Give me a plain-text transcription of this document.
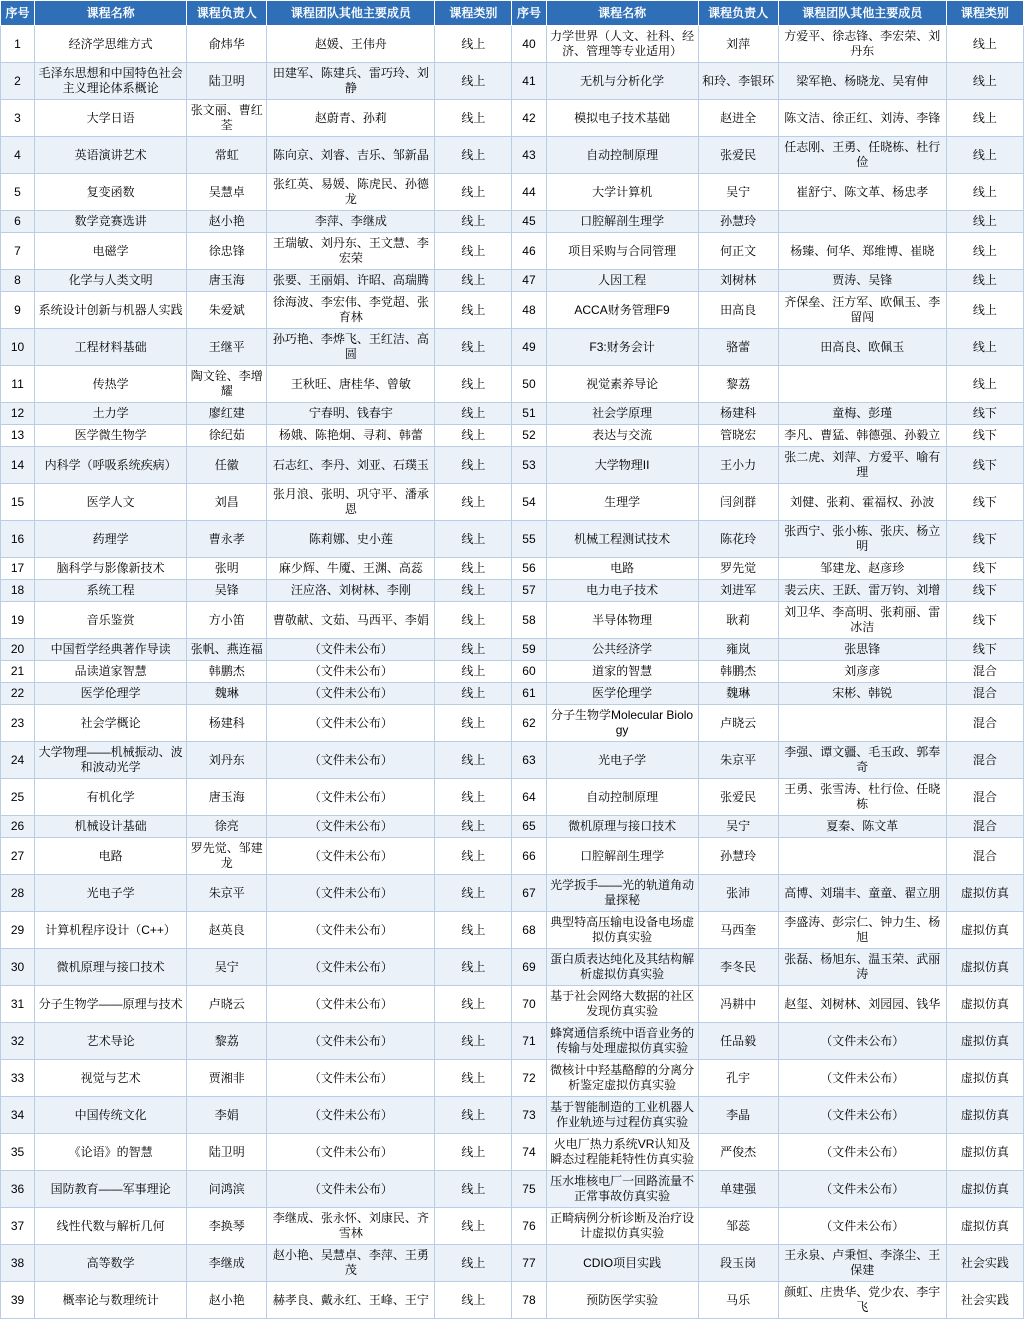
序号	课程名称	课程负责人	课程团队其他主要成员	课程类别	序号	课程名称	课程负责人	课程团队其他主要成员	课程类别
1	经济学思维方式	俞炜华	赵媛、王伟舟	线上	40	力学世界（人文、社科、经济、管理等专业适用）	刘萍	方爱平、徐志锋、李宏荣、刘丹东	线上
2	毛泽东思想和中国特色社会主义理论体系概论	陆卫明	田建军、陈建兵、雷巧玲、刘静	线上	41	无机与分析化学	和玲、李银环	梁军艳、杨晓龙、吴宥伸	线上
3	大学日语	张文丽、曹红荃	赵蔚青、孙莉	线上	42	模拟电子技术基础	赵进全	陈文洁、徐正红、刘涛、李锋	线上
4	英语演讲艺术	常虹	陈向京、刘睿、吉乐、邹新晶	线上	43	自动控制原理	张爱民	任志刚、王勇、任晓栋、杜行俭	线上
5	复变函数	吴慧卓	张红英、易媛、陈虎民、孙德龙	线上	44	大学计算机	吴宁	崔舒宁、陈文革、杨忠孝	线上
6	数学竞赛选讲	赵小艳	李萍、李继成	线上	45	口腔解剖生理学	孙慧玲		线上
7	电磁学	徐忠锋	王瑞敏、刘丹东、王文慧、李宏荣	线上	46	项目采购与合同管理	何正文	杨臻、何华、郑维博、崔晓	线上
8	化学与人类文明	唐玉海	张要、王丽娟、许昭、高瑞腾	线上	47	人因工程	刘树林	贾涛、吴锋	线上
9	系统设计创新与机器人实践	朱爱斌	徐海波、李宏伟、李党超、张育林	线上	48	ACCA财务管理F9	田高良	齐保垒、汪方军、欧佩玉、李留闯	线上
10	工程材料基础	王继平	孙巧艳、李烨飞、王红洁、高圆	线上	49	F3:财务会计	骆蕾	田高良、欧佩玉	线上
11	传热学	陶文铨、李增耀	王秋旺、唐桂华、曾敏	线上	50	视觉素养导论	黎荔		线上
12	土力学	廖红建	宁春明、钱春宇	线上	51	社会学原理	杨建科	童梅、彭瑾	线下
13	医学微生物学	徐纪茹	杨娥、陈艳炯、寻莉、韩蕾	线上	52	表达与交流	管晓宏	李凡、曹猛、韩德强、孙毅立	线下
14	内科学（呼吸系统疾病）	任徽	石志红、李丹、刘亚、石璞玉	线上	53	大学物理II	王小力	张二虎、刘萍、方爱平、喻有理	线下
15	医学人文	刘昌	张月浪、张明、巩守平、潘承恩	线上	54	生理学	闫剑群	刘健、张莉、霍福权、孙波	线下
16	药理学	曹永孝	陈莉娜、史小莲	线上	55	机械工程测试技术	陈花玲	张西宁、张小栋、张庆、杨立明	线下
17	脑科学与影像新技术	张明	麻少辉、牛魇、王渊、高蕊	线上	56	电路	罗先觉	邹建龙、赵彦珍	线下
18	系统工程	吴锋	汪应洛、刘树林、李刚	线上	57	电力电子技术	刘进军	裴云庆、王跃、雷万钧、刘增	线下
19	音乐鉴赏	方小笛	曹敬献、文茹、马西平、李娟	线上	58	半导体物理	耿莉	刘卫华、李高明、张莉丽、雷冰洁	线下
20	中国哲学经典著作导读	张帆、燕连福	（文件未公布）	线上	59	公共经济学	雍岚	张思锋	线下
21	品读道家智慧	韩鹏杰	（文件未公布）	线上	60	道家的智慧	韩鹏杰	刘彦彦	混合
22	医学伦理学	魏琳	（文件未公布）	线上	61	医学伦理学	魏琳	宋彬、韩锐	混合
23	社会学概论	杨建科	（文件未公布）	线上	62	分子生物学Molecular Biology	卢晓云		混合
24	大学物理——机械振动、波和波动光学	刘丹东	（文件未公布）	线上	63	光电子学	朱京平	李强、谭文疆、毛玉政、郭奉奇	混合
25	有机化学	唐玉海	（文件未公布）	线上	64	自动控制原理	张爱民	王勇、张雪涛、杜行俭、任晓栋	混合
26	机械设计基础	徐亮	（文件未公布）	线上	65	微机原理与接口技术	吴宁	夏秦、陈文革	混合
27	电路	罗先觉、邹建龙	（文件未公布）	线上	66	口腔解剖生理学	孙慧玲		混合
28	光电子学	朱京平	（文件未公布）	线上	67	光学扳手——光的轨道角动量探秘	张沛	高博、刘瑞丰、童童、翟立朋	虚拟仿真
29	计算机程序设计（C++）	赵英良	（文件未公布）	线上	68	典型特高压输电设备电场虚拟仿真实验	马西奎	李盛涛、彭宗仁、钟力生、杨旭	虚拟仿真
30	微机原理与接口技术	吴宁	（文件未公布）	线上	69	蛋白质表达纯化及其结构解析虚拟仿真实验	李冬民	张磊、杨旭东、温玉荣、武丽涛	虚拟仿真
31	分子生物学——原理与技术	卢晓云	（文件未公布）	线上	70	基于社会网络大数据的社区发现仿真实验	冯耕中	赵玺、刘树林、刘园园、钱华	虚拟仿真
32	艺术导论	黎荔	（文件未公布）	线上	71	蜂窝通信系统中语音业务的传输与处理虚拟仿真实验	任品毅	（文件未公布）	虚拟仿真
33	视觉与艺术	贾湘非	（文件未公布）	线上	72	微核计中羟基酪醇的分离分析鉴定虚拟仿真实验	孔宇	（文件未公布）	虚拟仿真
34	中国传统文化	李娟	（文件未公布）	线上	73	基于智能制造的工业机器人作业轨迹与过程仿真实验	李晶	（文件未公布）	虚拟仿真
35	《论语》的智慧	陆卫明	（文件未公布）	线上	74	火电厂热力系统VR认知及瞬态过程能耗特性仿真实验	严俊杰	（文件未公布）	虚拟仿真
36	国防教育——军事理论	问鸿滨	（文件未公布）	线上	75	压水堆核电厂一回路流量不正常事故仿真实验	单建强	（文件未公布）	虚拟仿真
37	线性代数与解析几何	李换琴	李继成、张永怀、刘康民、齐雪林	线上	76	正畸病例分析诊断及治疗设计虚拟仿真实验	邹蕊	（文件未公布）	虚拟仿真
38	高等数学	李继成	赵小艳、吴慧卓、李萍、王勇茂	线上	77	CDIO项目实践	段玉岗	王永泉、卢秉恒、李涤尘、王保建	社会实践
39	概率论与数理统计	赵小艳	赫孝良、戴永红、王峰、王宁	线上	78	预防医学实验	马乐	颜虹、庄贵华、党少农、李宇飞	社会实践
